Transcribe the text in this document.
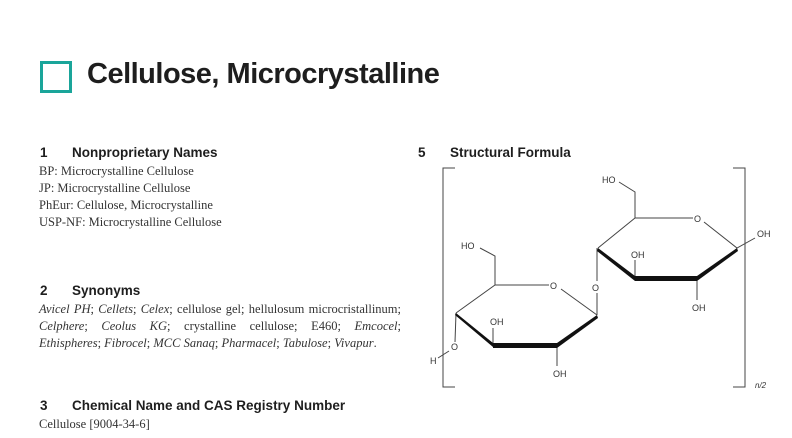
Cellulose, Microcrystalline
1 Nonproprietary Names
BP: Microcrystalline Cellulose
JP: Microcrystalline Cellulose
PhEur: Cellulose, Microcrystalline
USP-NF: Microcrystalline Cellulose
2 Synonyms
Avicel PH; Cellets; Celex; cellulose gel; hellulosum microcristallinum; Celphere; Ceolus KG; crystalline cellulose; E460; Emcocel; Ethispheres; Fibrocel; MCC Sanaq; Pharmacel; Tabulose; Vivapur.
3 Chemical Name and CAS Registry Number
Cellulose [9004-34-6]
5 Structural Formula
HO
O	O
OH
OH
O
H
HO
O
OH
OH
OH
n/2
